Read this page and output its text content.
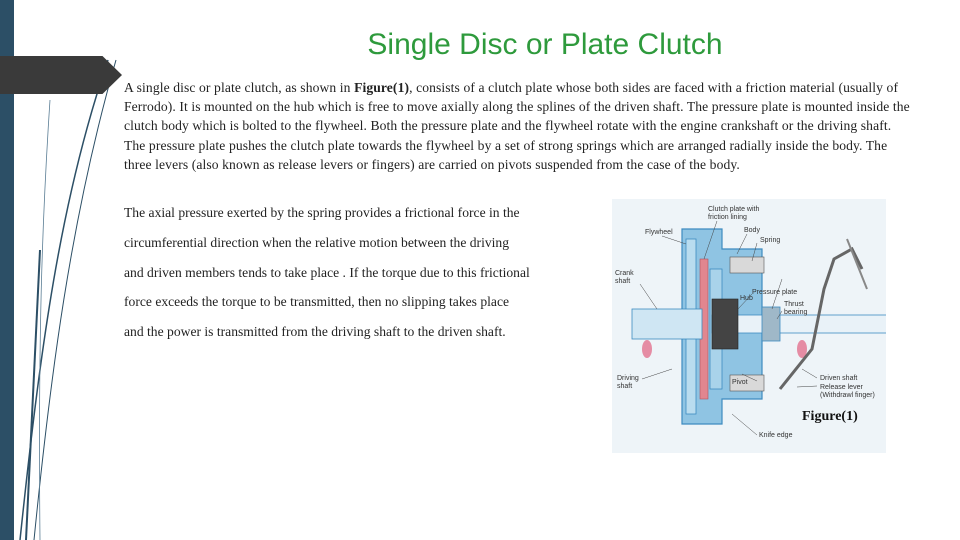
Single Disc or Plate Clutch
A single disc or plate clutch, as shown in Figure(1), consists of a clutch plate whose both sides are faced with a friction material (usually of Ferrodo). It is mounted on the hub which is free to move axially along the splines of the driven shaft. The pressure plate is mounted inside the clutch body which is bolted to the flywheel. Both the pressure plate and the flywheel rotate with the engine crankshaft or the driving shaft. The pressure plate pushes the clutch plate towards the flywheel by a set of strong springs which are arranged radially inside the body. The three levers (also known as release levers or fingers) are carried on pivots suspended from the case of the body.
The axial pressure exerted by the spring provides a frictional force in the
circumferential direction when the relative motion between the driving
and driven members tends to take place . If the torque due to this frictional
force exceeds the torque to be transmitted, then no slipping takes place
and the power is transmitted from the driving shaft to the driven shaft.
Clutch plate with
friction lining
Flywheel	Body
Spring
Crank
shaft
Pressure plate
Hub
Thrust
bearing
Driving
shaft
Pivot
Driven shaft
Release lever
(Withdrawl finger)
Knife edge
Figure(1)
